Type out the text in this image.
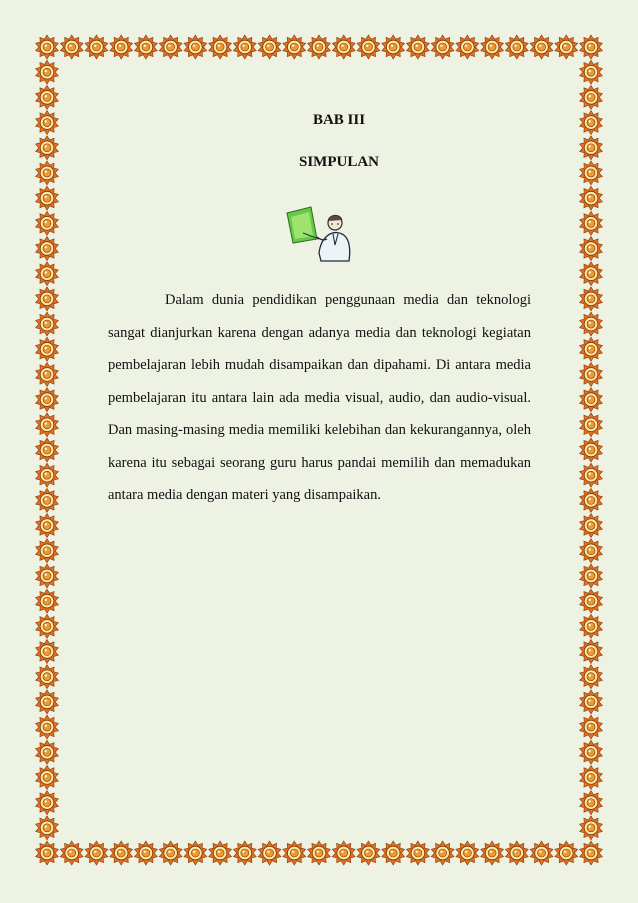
BAB III
SIMPULAN

Dalam dunia pendidikan penggunaan media dan teknologi sangat dianjurkan karena dengan adanya media dan teknologi kegiatan pembelajaran lebih mudah disampaikan dan dipahami. Di antara media pembelajaran itu antara lain ada media visual, audio, dan audio-visual. Dan masing-masing media memiliki kelebihan dan kekurangannya, oleh karena itu sebagai seorang guru harus pandai memilih dan memadukan antara media dengan materi yang disampaikan.
